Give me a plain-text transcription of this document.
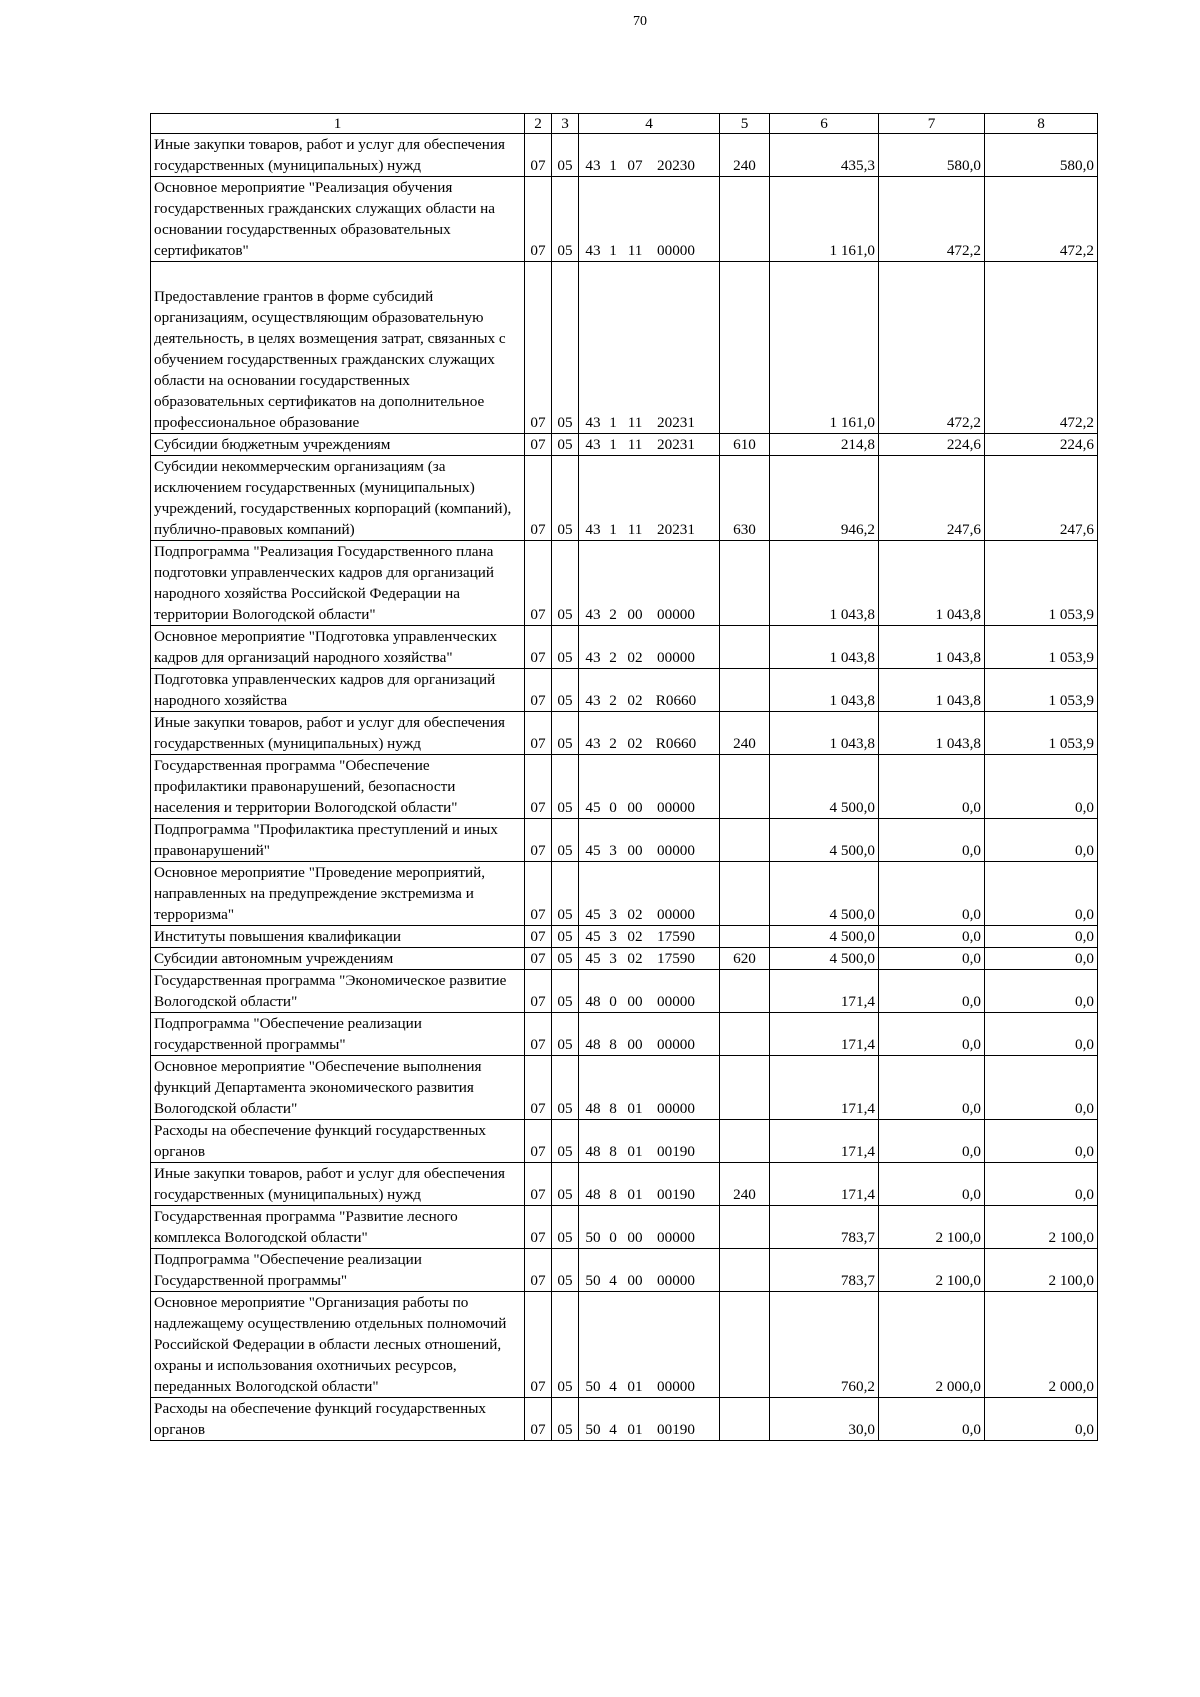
70
1	2	3	4	5	6	7	8
Иные закупки товаров, работ и услуг для обеспечения государственных (муниципальных) нужд	07	05	43 1 07 20230	240	435,3	580,0	580,0
Основное мероприятие "Реализация обучения государственных гражданских служащих области на основании государственных образовательных сертификатов"	07	05	43 1 11 00000		1 161,0	472,2	472,2
Предоставление грантов в форме субсидий организациям, осуществляющим образовательную деятельность, в целях возмещения затрат, связанных с обучением государственных гражданских служащих области на основании государственных образовательных сертификатов на дополнительное профессиональное образование	07	05	43 1 11 20231		1 161,0	472,2	472,2
Субсидии бюджетным учреждениям	07	05	43 1 11 20231	610	214,8	224,6	224,6
Субсидии некоммерческим организациям (за исключением государственных (муниципальных) учреждений, государственных корпораций (компаний), публично-правовых компаний)	07	05	43 1 11 20231	630	946,2	247,6	247,6
Подпрограмма "Реализация Государственного плана подготовки управленческих кадров для организаций народного хозяйства Российской Федерации на территории Вологодской области"	07	05	43 2 00 00000		1 043,8	1 043,8	1 053,9
Основное мероприятие "Подготовка управленческих кадров для организаций народного хозяйства"	07	05	43 2 02 00000		1 043,8	1 043,8	1 053,9
Подготовка управленческих кадров для организаций народного хозяйства	07	05	43 2 02 R0660		1 043,8	1 043,8	1 053,9
Иные закупки товаров, работ и услуг для обеспечения государственных (муниципальных) нужд	07	05	43 2 02 R0660	240	1 043,8	1 043,8	1 053,9
Государственная программа "Обеспечение профилактики правонарушений, безопасности населения и территории Вологодской области"	07	05	45 0 00 00000		4 500,0	0,0	0,0
Подпрограмма "Профилактика преступлений и иных правонарушений"	07	05	45 3 00 00000		4 500,0	0,0	0,0
Основное мероприятие "Проведение мероприятий, направленных на предупреждение экстремизма и терроризма"	07	05	45 3 02 00000		4 500,0	0,0	0,0
Институты повышения квалификации	07	05	45 3 02 17590		4 500,0	0,0	0,0
Субсидии автономным учреждениям	07	05	45 3 02 17590	620	4 500,0	0,0	0,0
Государственная программа "Экономическое развитие Вологодской области"	07	05	48 0 00 00000		171,4	0,0	0,0
Подпрограмма "Обеспечение реализации государственной программы"	07	05	48 8 00 00000		171,4	0,0	0,0
Основное мероприятие "Обеспечение выполнения функций Департамента экономического развития Вологодской области"	07	05	48 8 01 00000		171,4	0,0	0,0
Расходы на обеспечение функций государственных органов	07	05	48 8 01 00190		171,4	0,0	0,0
Иные закупки товаров, работ и услуг для обеспечения государственных (муниципальных) нужд	07	05	48 8 01 00190	240	171,4	0,0	0,0
Государственная программа "Развитие лесного комплекса Вологодской области"	07	05	50 0 00 00000		783,7	2 100,0	2 100,0
Подпрограмма "Обеспечение реализации Государственной программы"	07	05	50 4 00 00000		783,7	2 100,0	2 100,0
Основное мероприятие "Организация работы по надлежащему осуществлению отдельных полномочий Российской Федерации в области лесных отношений, охраны и использования охотничьих ресурсов, переданных Вологодской области"	07	05	50 4 01 00000		760,2	2 000,0	2 000,0
Расходы на обеспечение функций государственных органов	07	05	50 4 01 00190		30,0	0,0	0,0
